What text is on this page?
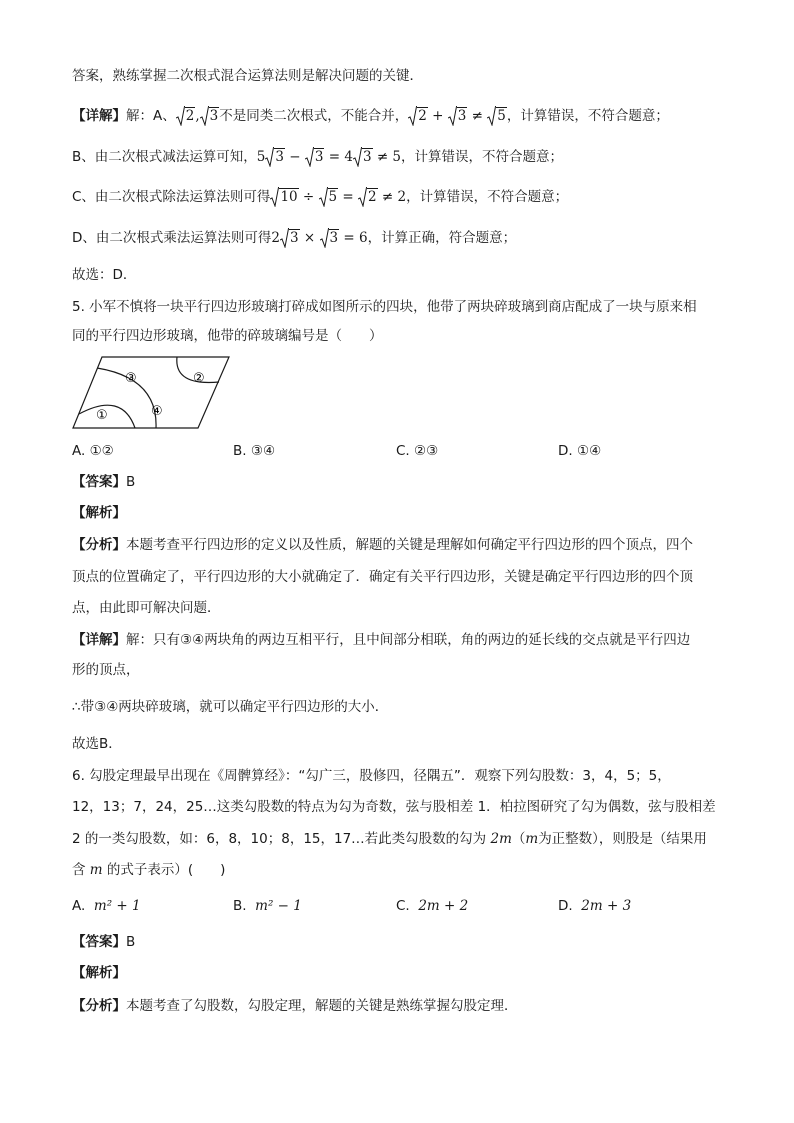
答案，熟练掌握二次根式混合运算法则是解决问题的关键．
【详解】解：A、 2, 3不是同类二次根式，不能合并， 2 +
3 ≠
5，计算错误，不符合题意；
B、由二次根式减法运算可知，5 3 −
3 = 4 3 ≠ 5，计算错误，不符合题意；
C、由二次根式除法运算法则可得 10 ÷
5 =
2 ≠ 2，计算错误，不符合题意；
D、由二次根式乘法运算法则可得2 3 ×
3 = 6，计算正确，符合题意；
故选：D．
5. 小军不慎将一块平行四边形玻璃打碎成如图所示的四块，他带了两块碎玻璃到商店配成了一块与原来相
同的平行四边形玻璃，他带的碎玻璃编号是（　　）
①
②
③
④
A. ①②	B. ③④	C. ②③	D. ①④
【答案】B
【解析】
【分析】本题考查平行四边形的定义以及性质，解题的关键是理解如何确定平行四边形的四个顶点，四个
顶点的位置确定了，平行四边形的大小就确定了．确定有关平行四边形，关键是确定平行四边形的四个顶
点，由此即可解决问题．
【详解】解：只有③④两块角的两边互相平行，且中间部分相联，角的两边的延长线的交点就是平行四边
形的顶点，
∴带③④两块碎玻璃，就可以确定平行四边形的大小．
故选B．
6. 勾股定理最早出现在《周髀算经》：“勾广三，股修四，径隅五”．观察下列勾股数：3，4，5；5，
12，13；7，24，25…这类勾股数的特点为勾为奇数，弦与股相差 1．柏拉图研究了勾为偶数，弦与股相差
2 的一类勾股数，如：6，8，10；8，15，17…若此类勾股数的勾为 2m（m为正整数），则股是（结果用
含 m 的式子表示）(　　)
A. m² + 1	B. m² − 1	C. 2m + 2	D. 2m + 3
【答案】B
【解析】
【分析】本题考查了勾股数，勾股定理，解题的关键是熟练掌握勾股定理．
